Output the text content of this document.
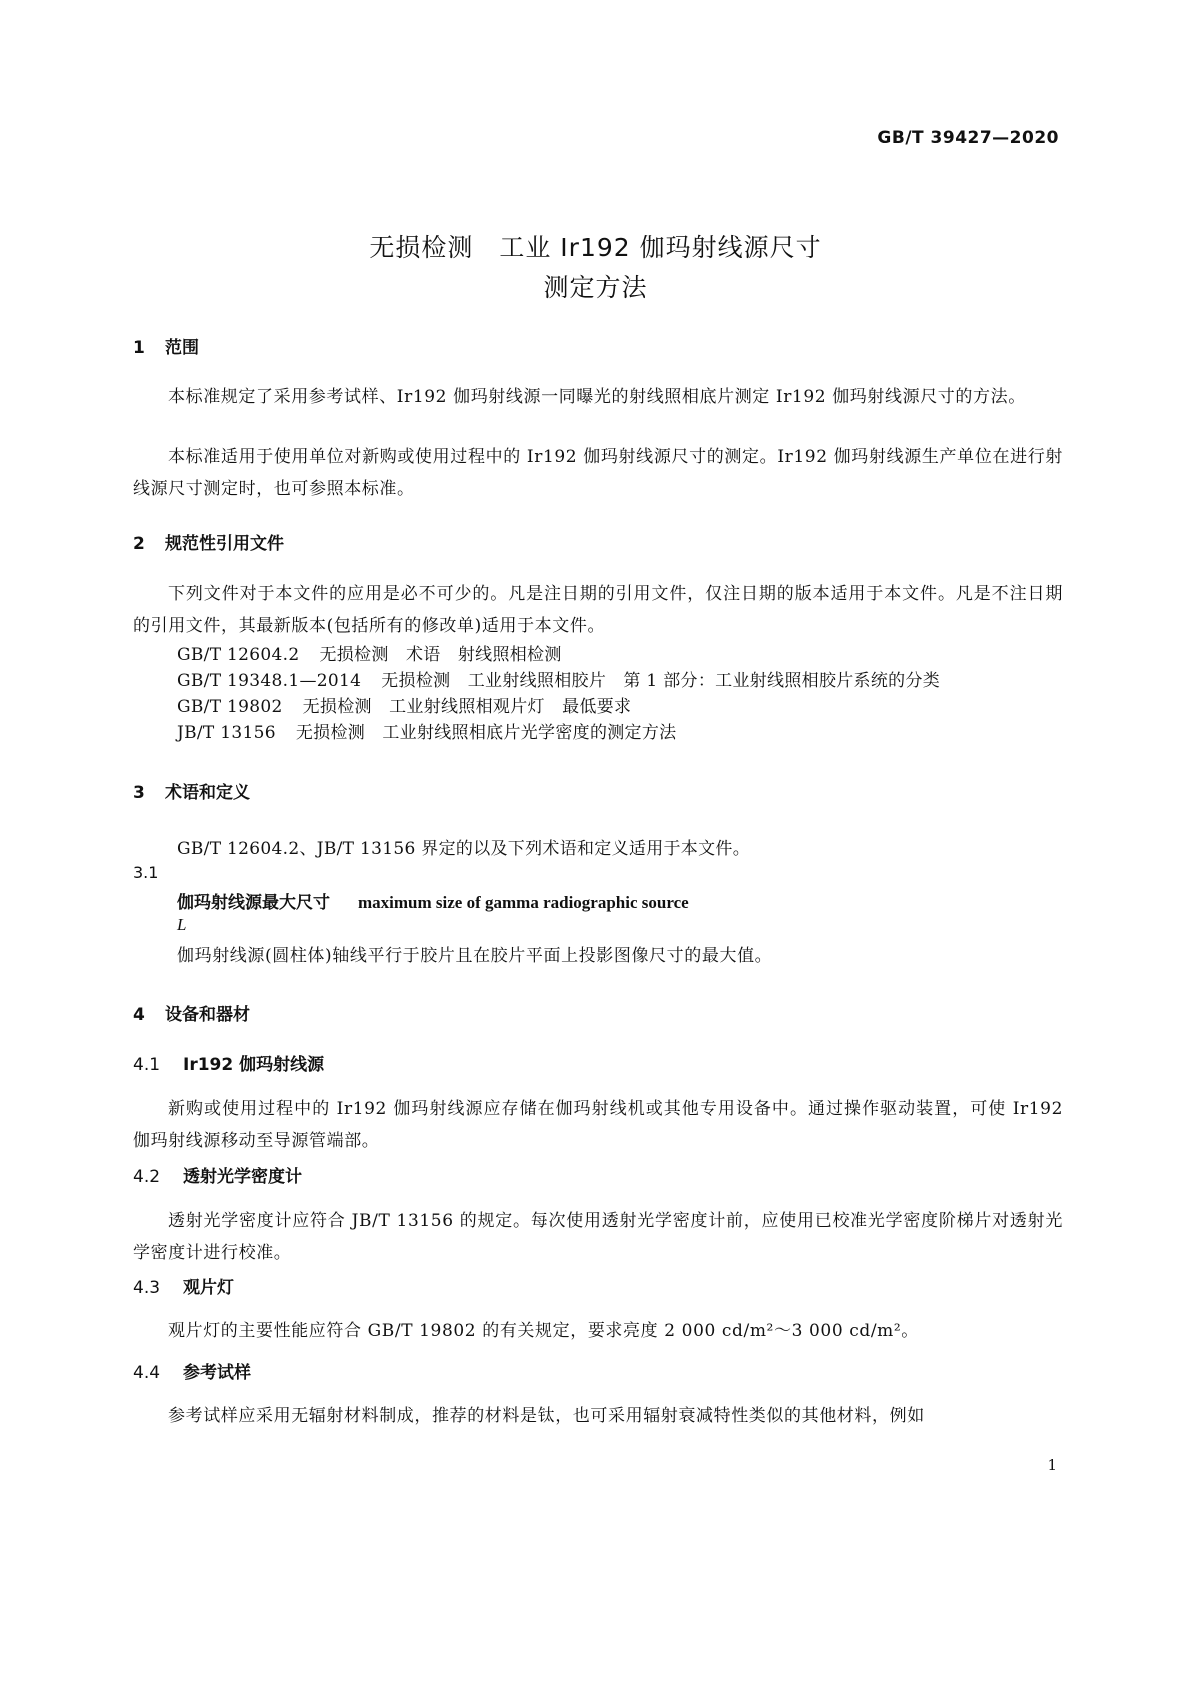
GB/T 39427—2020
无损检测　工业 Ir192 伽玛射线源尺寸
测定方法
1 范围
本标准规定了采用参考试样、Ir192 伽玛射线源一同曝光的射线照相底片测定 Ir192 伽玛射线源尺寸的方法。
本标准适用于使用单位对新购或使用过程中的 Ir192 伽玛射线源尺寸的测定。Ir192 伽玛射线源生产单位在进行射线源尺寸测定时，也可参照本标准。
2 规范性引用文件
下列文件对于本文件的应用是必不可少的。凡是注日期的引用文件，仅注日期的版本适用于本文件。凡是不注日期的引用文件，其最新版本(包括所有的修改单)适用于本文件。
GB/T 12604.2 无损检测　术语　射线照相检测
GB/T 19348.1—2014 无损检测　工业射线照相胶片　第 1 部分：工业射线照相胶片系统的分类
GB/T 19802 无损检测　工业射线照相观片灯　最低要求
JB/T 13156 无损检测　工业射线照相底片光学密度的测定方法
3 术语和定义
GB/T 12604.2、JB/T 13156 界定的以及下列术语和定义适用于本文件。
3.1
伽玛射线源最大尺寸 maximum size of gamma radiographic source
L
伽玛射线源(圆柱体)轴线平行于胶片且在胶片平面上投影图像尺寸的最大值。
4 设备和器材
4.1 Ir192 伽玛射线源
新购或使用过程中的 Ir192 伽玛射线源应存储在伽玛射线机或其他专用设备中。通过操作驱动装置，可使 Ir192 伽玛射线源移动至导源管端部。
4.2 透射光学密度计
透射光学密度计应符合 JB/T 13156 的规定。每次使用透射光学密度计前，应使用已校准光学密度阶梯片对透射光学密度计进行校准。
4.3 观片灯
观片灯的主要性能应符合 GB/T 19802 的有关规定，要求亮度 2 000 cd/m²～3 000 cd/m²。
4.4 参考试样
参考试样应采用无辐射材料制成，推荐的材料是钛，也可采用辐射衰减特性类似的其他材料，例如
1
